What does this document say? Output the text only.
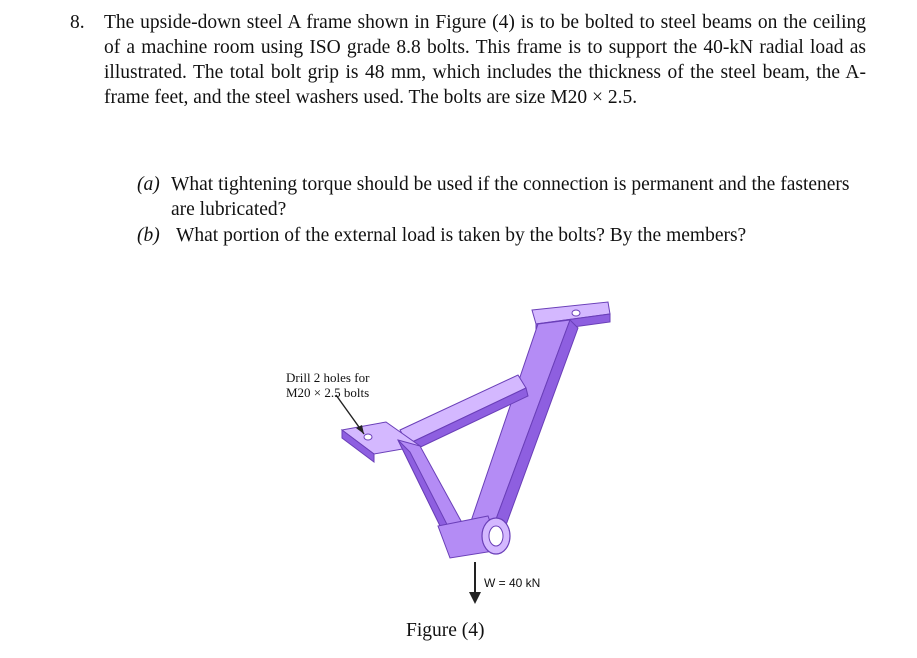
8. The upside-down steel A frame shown in Figure (4) is to be bolted to steel beams on the ceiling of a machine room using ISO grade 8.8 bolts. This frame is to support the 40-kN radial load as illustrated. The total bolt grip is 48 mm, which includes the thickness of the steel beam, the A-frame feet, and the steel washers used. The bolts are size M20 × 2.5.
(a) What tightening torque should be used if the connection is permanent and the fasteners are lubricated?
(b) What portion of the external load is taken by the bolts? By the members?
Drill 2 holes for
M20 × 2.5 bolts
W = 40 kN
Figure (4)
